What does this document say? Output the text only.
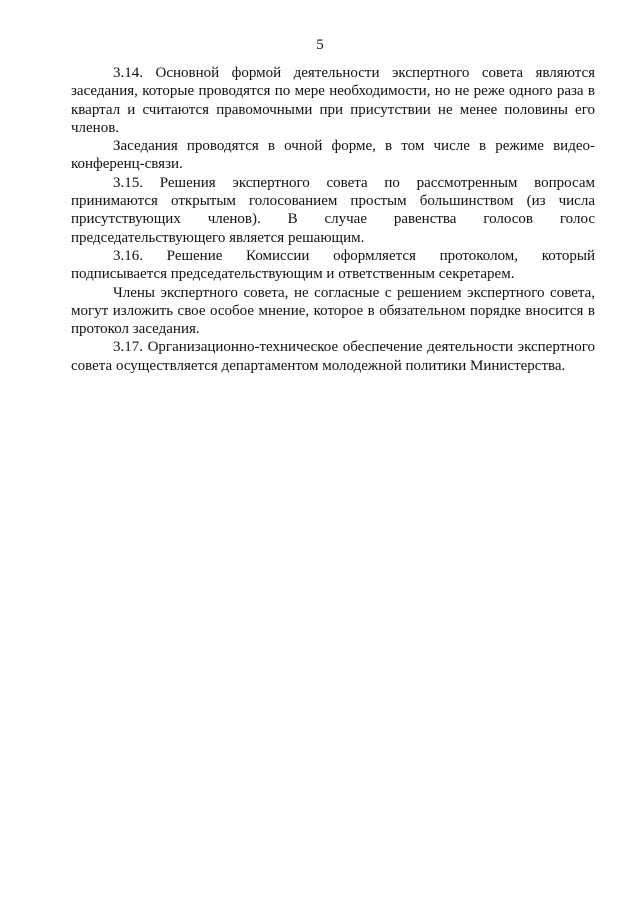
5

3.14. Основной формой деятельности экспертного совета являются заседания, которые проводятся по мере необходимости, но не реже одного раза в квартал и считаются правомочными при присутствии не менее половины его членов.

Заседания проводятся в очной форме, в том числе в режиме видео-конференц-связи.

3.15. Решения экспертного совета по рассмотренным вопросам принимаются открытым голосованием простым большинством (из числа присутствующих членов). В случае равенства голосов голос председательствующего является решающим.

3.16. Решение Комиссии оформляется протоколом, который подписывается председательствующим и ответственным секретарем.

Члены экспертного совета, не согласные с решением экспертного совета, могут изложить свое особое мнение, которое в обязательном порядке вносится в протокол заседания.

3.17. Организационно-техническое обеспечение деятельности экспертного совета осуществляется департаментом молодежной политики Министерства.
